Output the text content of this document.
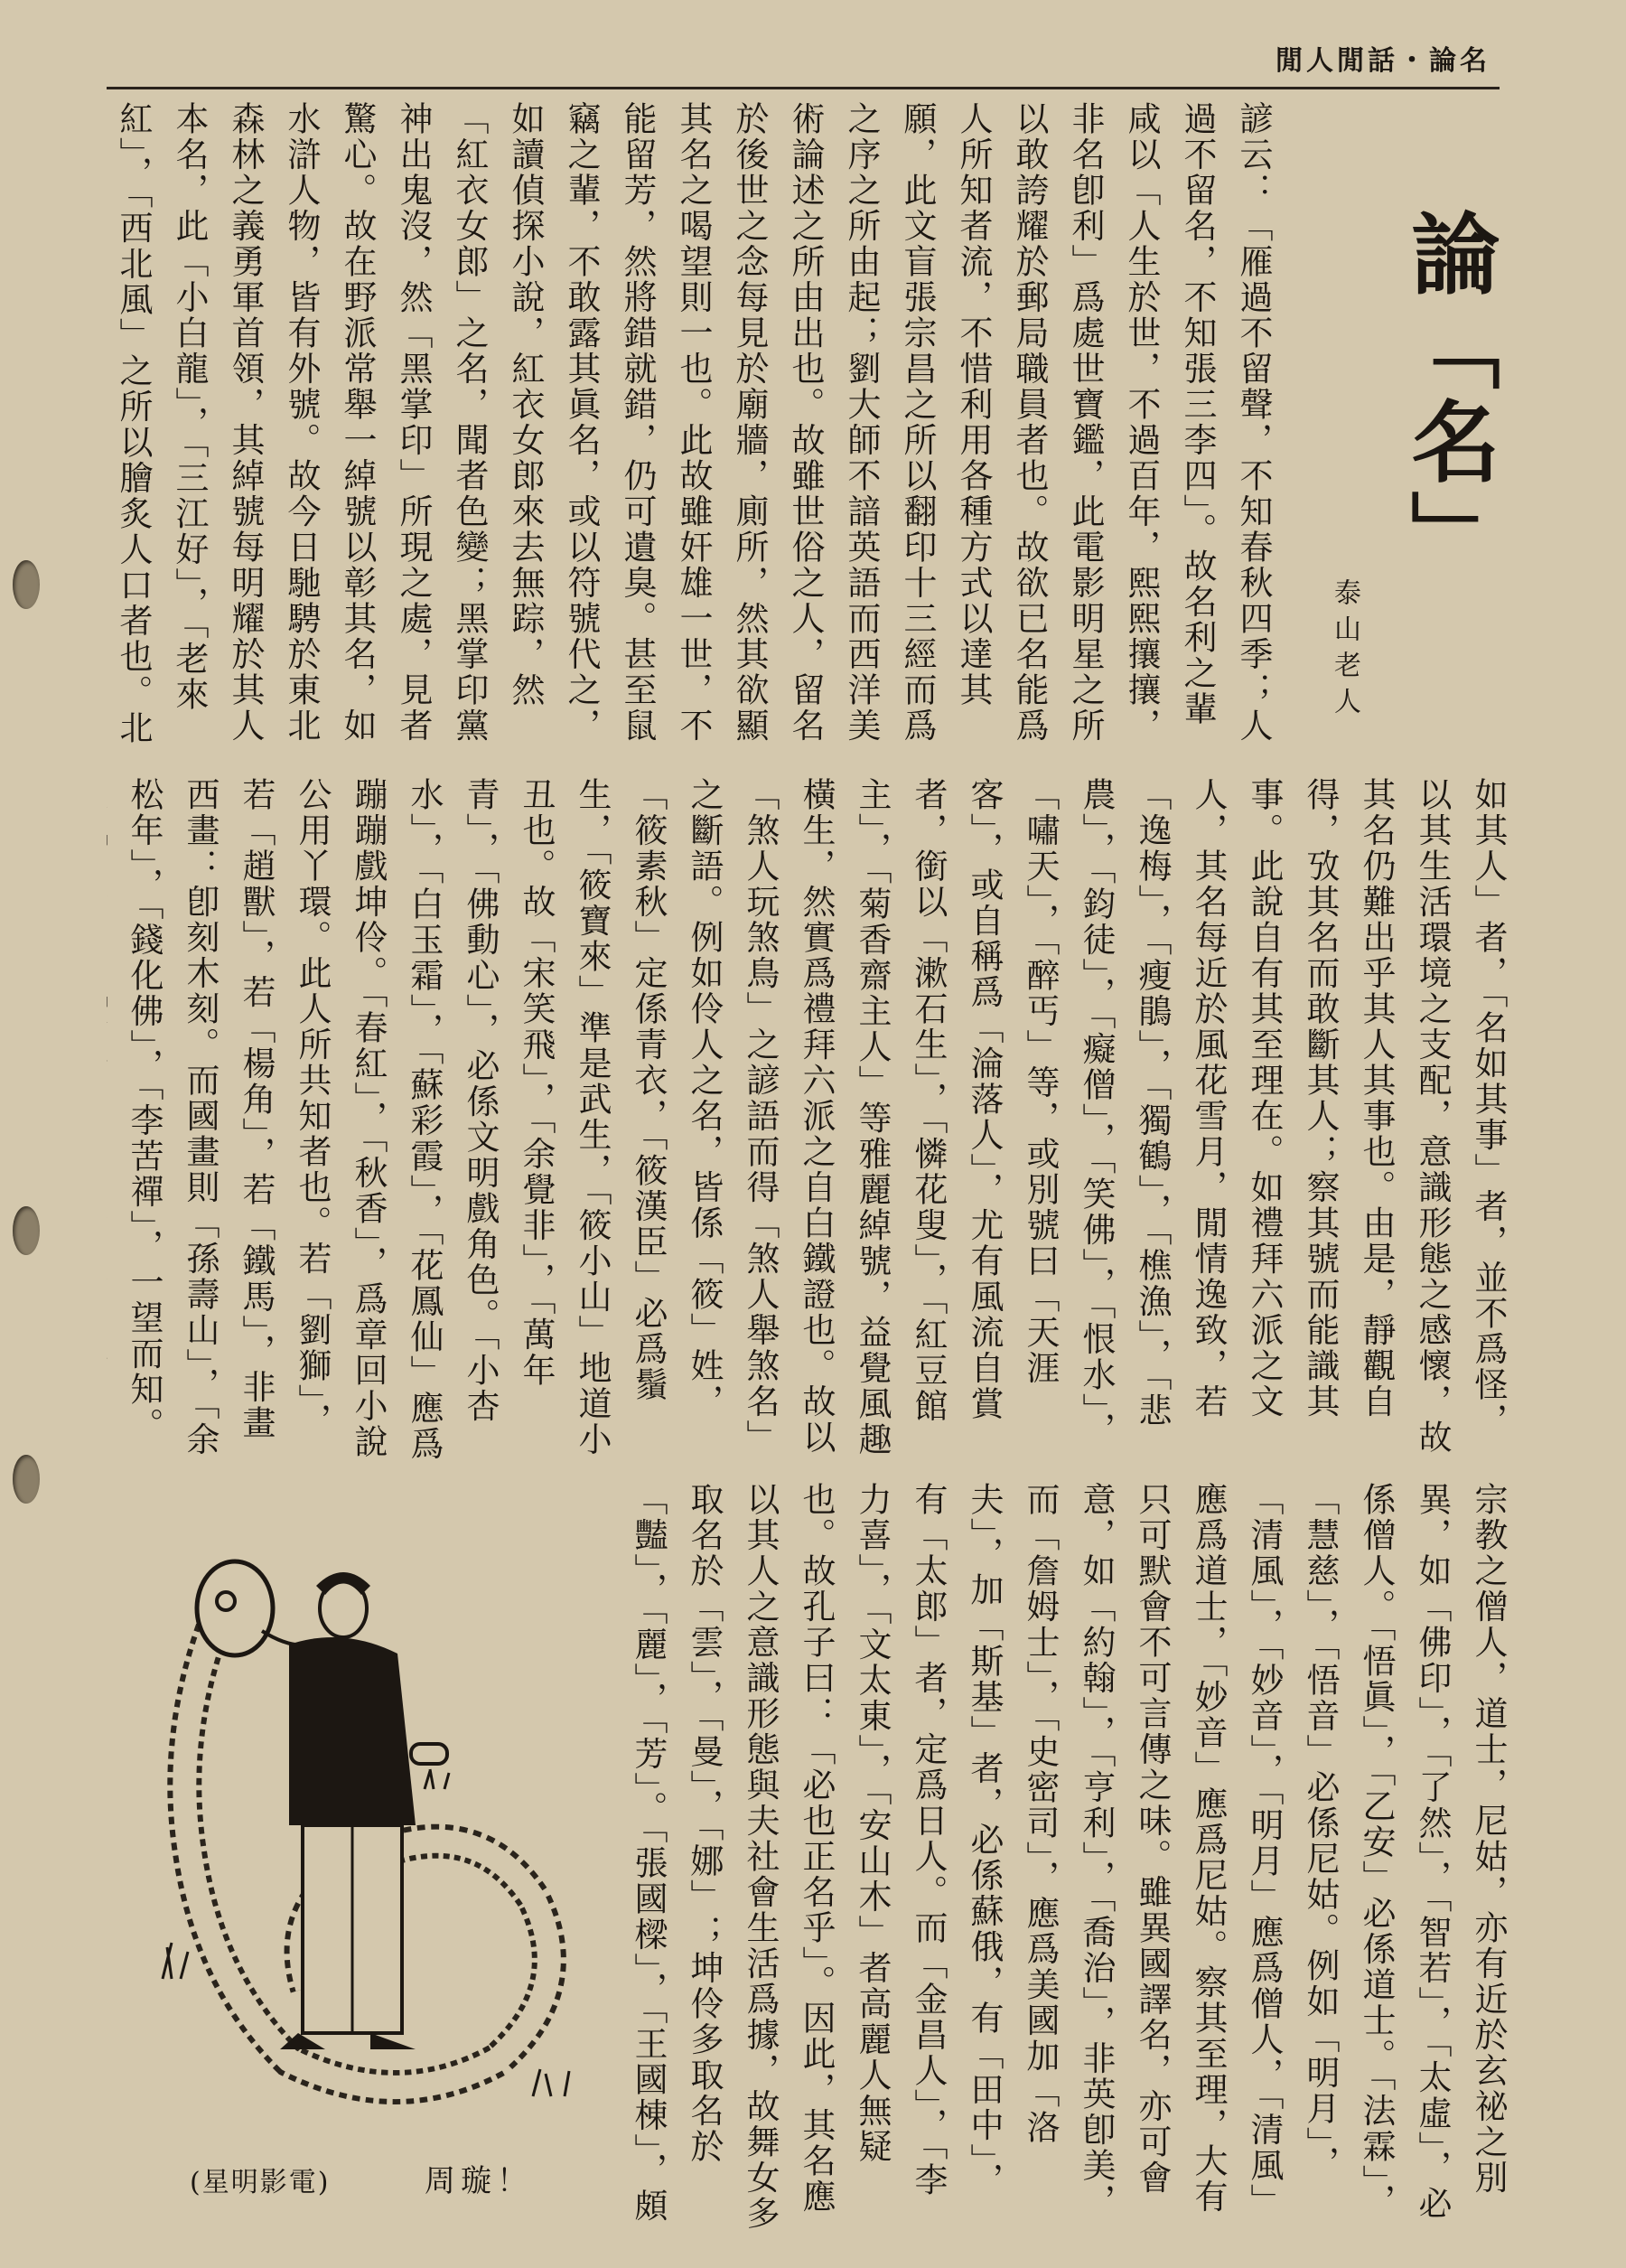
閒人閒話・論名
論「名」
泰山老人
諺云：「雁過不留聲，不知春秋四季；人過不留名，不知張三李四」。故名利之輩咸以「人生於世，不過百年，熙熙攘攘，非名卽利」爲處世寶鑑，此電影明星之所以敢誇耀於郵局職員者也。故欲已名能爲人所知者流，不惜利用各種方式以達其願，此文盲張宗昌之所以翻印十三經而爲之序之所由起；劉大師不諳英語而西洋美術論述之所由出也。故雖世俗之人，留名於後世之念每見於廟牆，廁所，然其欲顯其名之喝望則一也。此故雖奸雄一世，不能留芳，然將錯就錯，仍可遺臭。甚至鼠竊之輩，不敢露其眞名，或以符號代之，如讀偵探小說，紅衣女郎來去無踪，然「紅衣女郎」之名，聞者色變；黑掌印黨神出鬼沒，然「黑掌印」所現之處，見者驚心。故在野派常舉一綽號以彰其名，如水滸人物，皆有外號。故今日馳騁於東北森林之義勇軍首領，其綽號每明耀於其人本名，此「小白龍」，「三江好」，「老來紅」，「西北風」之所以膾炙人口者也。北
如其人」者，「名如其事」者，並不爲怪，以其生活環境之支配，意識形態之感懷，故其名仍難出乎其人其事也。由是，靜觀自得，攷其名而敢斷其人；察其號而能識其事。此說自有其至理在。如禮拜六派之文人，其名每近於風花雪月，閒情逸致，若「逸梅」，「瘦鵑」，「獨鶴」，「樵漁」，「悲農」，「鈞徒」，「癡僧」，「笑佛」，「恨水」，「嘯天」，「醉丐」等，或別號曰「天涯客」，或自稱爲「淪落人」，尤有風流自賞者，銜以「漱石生」，「憐花叟」，「紅豆館主」，「菊香齋主人」等雅麗綽號，益覺風趣橫生，然實爲禮拜六派之自白鐵證也。故以「煞人玩煞鳥」之諺語而得「煞人舉煞名」之斷語。例如伶人之名，皆係「筱」姓，「筱素秋」定係青衣，「筱漢臣」必爲鬚生，「筱寶來」準是武生，「筱小山」地道小丑也。故「宋笑飛」，「余覺非」，「萬年青」，「佛動心」，必係文明戲角色。「小杏水」，「白玉霜」，「蘇彩霞」，「花鳳仙」應爲蹦蹦戲坤伶。「春紅」，「秋香」，爲章回小說公用丫環。此人所共知者也。若「劉獅」，若「趙獸」，若「楊角」，若「鐵馬」，非畫西畫：卽刻木刻。而國畫則「孫壽山」，「余松年」，「錢化佛」，「李苦禪」，一望而知。
宗教之僧人，道士，尼姑，亦有近於玄祕之別異，如「佛印」，「了然」，「智若」，「太虛」，必係僧人。「悟眞」，「乙安」必係道士。「法霖」，「慧慈」，「悟音」必係尼姑。例如「明月」，「清風」，「妙音」，「明月」應爲僧人，「清風」應爲道士，「妙音」應爲尼姑。察其至理，大有只可默會不可言傳之味。雖異國譯名，亦可會意，如「約翰」，「亨利」，「喬治」，非英卽美，而「詹姆士」，「史密司」，應爲美國加「洛夫」，加「斯基」者，必係蘇俄，有「田中」，有「太郎」者，定爲日人。而「金昌人」，「李力喜」，「文太東」，「安山木」者高麗人無疑也。故孔子曰：「必也正名乎」。因此，其名應以其人之意識形態與夫社會生活爲據，故舞女多取名於「雲」，「曼」，「娜」；坤伶多取名於「豔」，「麗」，「芳」。「張國樑」，「王國棟」，頗
(星明影電)	周璇！
